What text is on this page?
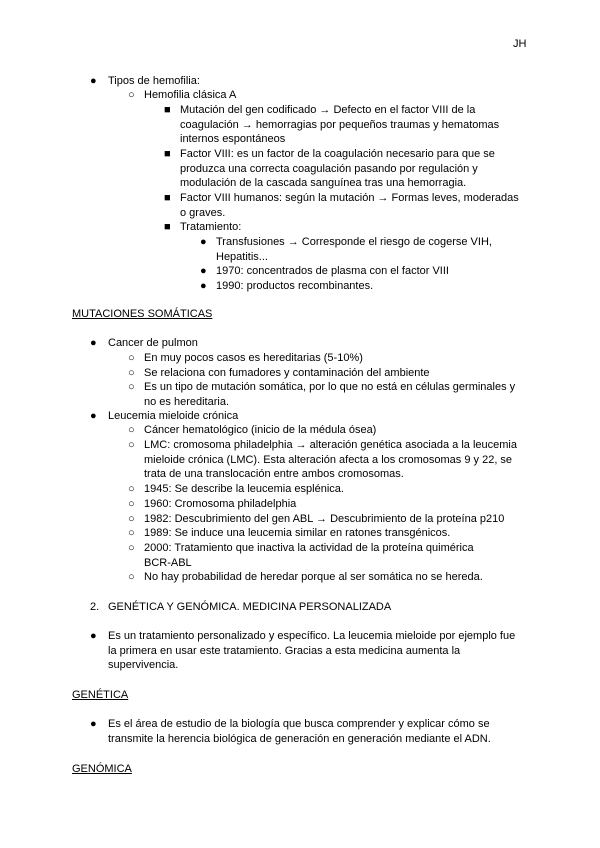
JH
● Tipos de hemofilia:
○ Hemofilia clásica A
■ Mutación del gen codificado → Defecto en el factor VIII de la
coagulación → hemorragias por pequeños traumas y hematomas
internos espontáneos
■ Factor VIII: es un factor de la coagulación necesario para que se
produzca una correcta coagulación pasando por regulación y
modulación de la cascada sanguínea tras una hemorragia.
■ Factor VIII humanos: según la mutación → Formas leves, moderadas
o graves.
■ Tratamiento:
● Transfusiones → Corresponde el riesgo de cogerse VIH,
Hepatitis...
● 1970: concentrados de plasma con el factor VIII
● 1990: productos recombinantes.
MUTACIONES SOMÁTICAS
● Cancer de pulmon
○ En muy pocos casos es hereditarias (5-10%)
○ Se relaciona con fumadores y contaminación del ambiente
○ Es un tipo de mutación somática, por lo que no está en células germinales y
no es hereditaria.
● Leucemia mieloide crónica
○ Cáncer hematológico (inicio de la médula ósea)
○ LMC: cromosoma philadelphia → alteración genética asociada a la leucemia
mieloide crónica (LMC). Esta alteración afecta a los cromosomas 9 y 22, se
trata de una translocación entre ambos cromosomas.
○ 1945: Se describe la leucemia esplénica.
○ 1960: Cromosoma philadelphia
○ 1982: Descubrimiento del gen ABL → Descubrimiento de la proteína p210
○ 1989: Se induce una leucemia similar en ratones transgénicos.
○ 2000: Tratamiento que inactiva la actividad de la proteína quimérica
BCR-ABL
○ No hay probabilidad de heredar porque al ser somática no se hereda.
2. GENÉTICA Y GENÓMICA. MEDICINA PERSONALIZADA
● Es un tratamiento personalizado y específico. La leucemia mieloide por ejemplo fue
la primera en usar este tratamiento. Gracias a esta medicina aumenta la
supervivencia.
GENÉTICA
● Es el área de estudio de la biología que busca comprender y explicar cómo se
transmite la herencia biológica de generación en generación mediante el ADN.
GENÓMICA
